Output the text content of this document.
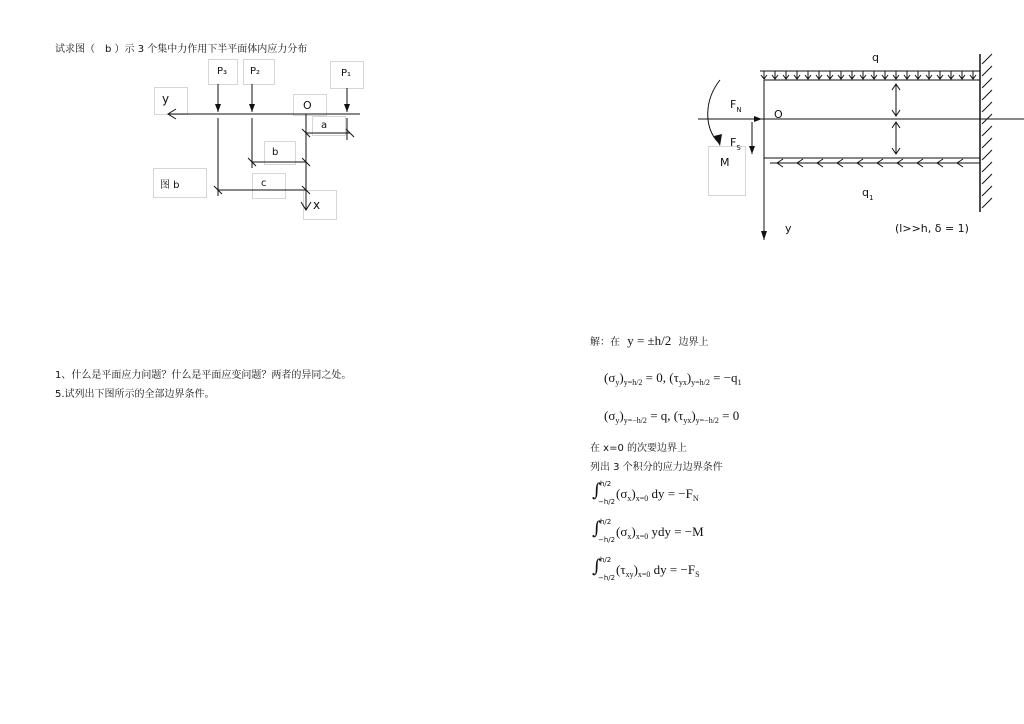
试求图（　b ）示 3 个集中力作用下半平面体内应力分布
P₃ P₂	P₁
y	O
a
b
c
图 b
x
1、什么是平面应力问题？什么是平面应变问题？两者的异同之处。
5.试列出下图所示的全部边界条件。
q
$F_N$	O
$F_S$
M
$q_1$
y	(l>>h, δ = 1)
解：在 y = ±h/2 边界上
$(\sigma_y)_{y=h/2} = 0$, $(\tau_{yx})_{y=h/2} = -q_1$
$(\sigma_y)_{y=-h/2} = q$, $(\tau_{yx})_{y=-h/2} = 0$
在 x=0 的次要边界上
列出 3 个积分的应力边界条件
∫
h/2
−h/2
$(\sigma_x)_{x=0}$ dy = $-F_N$
∫
h/2
−h/2
$(\sigma_x)_{x=0}$ ydy = −M
∫
h/2
−h/2
$(\tau_{xy})_{x=0}$ dy = $-F_S$
